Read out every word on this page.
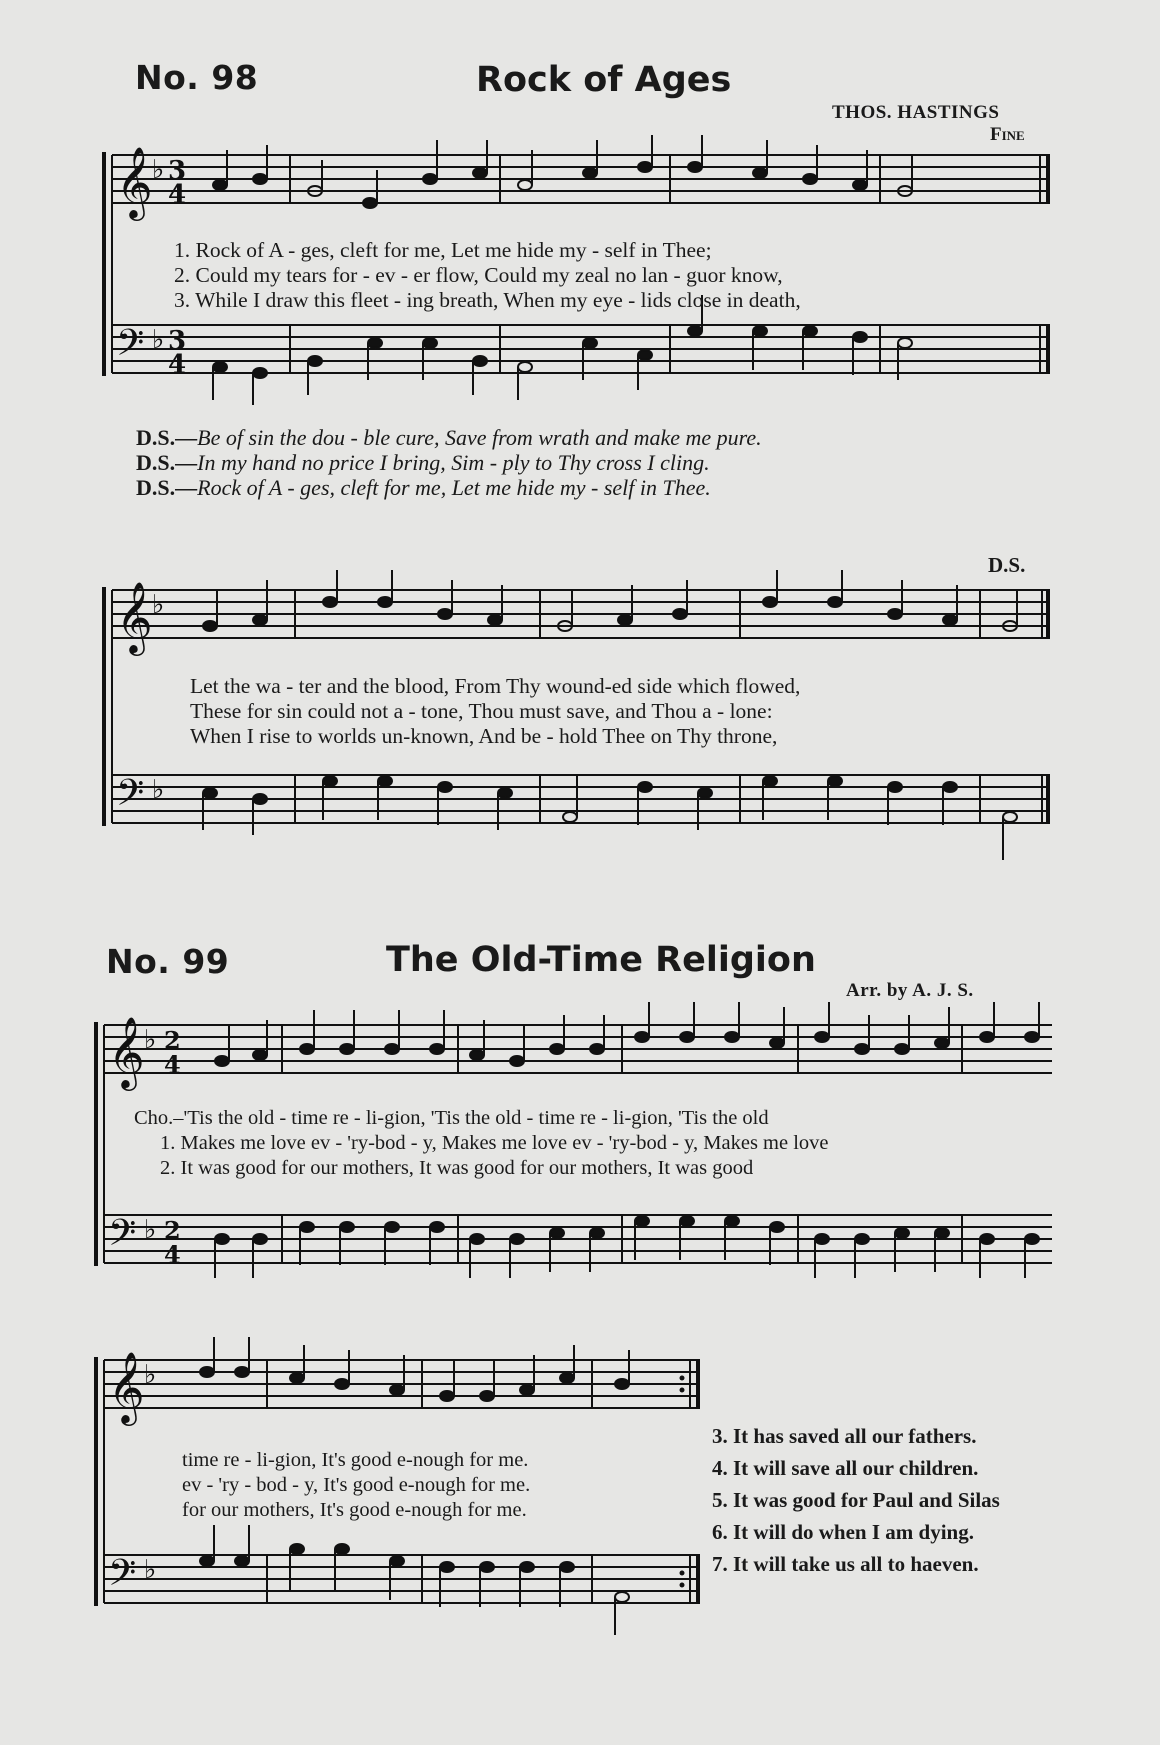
No. 98	Rock of Ages
THOS. HASTINGS
Fine
𝄞
𝄢
♭
♭
3
4
3
4
1. Rock of A - ges, cleft for me, Let me hide my - self in Thee;
2. Could my tears for - ev - er flow, Could my zeal no lan - guor know,
3. While I draw this fleet - ing breath, When my eye - lids close in death,
D.S.—Be of sin the dou - ble cure, Save from wrath and make me pure.
D.S.—In my hand no price I bring, Sim - ply to Thy cross I cling.
D.S.—Rock of A - ges, cleft for me, Let me hide my - self in Thee.
D.S.
𝄞
𝄢
♭
♭
Let the wa - ter and the blood, From Thy wound-ed side which flowed,
These for sin could not a - tone, Thou must save, and Thou a - lone:
When I rise to worlds un-known, And be - hold Thee on Thy throne,
No. 99	The Old-Time Religion
Arr. by A. J. S.
𝄞
𝄢
♭
♭
2
4
2
4
Cho.–'Tis the old - time re - li-gion, 'Tis the old - time re - li-gion, 'Tis the old
1. Makes me love ev - 'ry-bod - y, Makes me love ev - 'ry-bod - y, Makes me love
2. It was good for our mothers, It was good for our mothers, It was good
𝄞
𝄢
♭
♭
time re - li-gion, It's good e-nough for me.
ev - 'ry - bod - y, It's good e-nough for me.
for our mothers, It's good e-nough for me.
3. It has saved all our fathers.
4. It will save all our children.
5. It was good for Paul and Silas
6. It will do when I am dying.
7. It will take us all to haeven.
